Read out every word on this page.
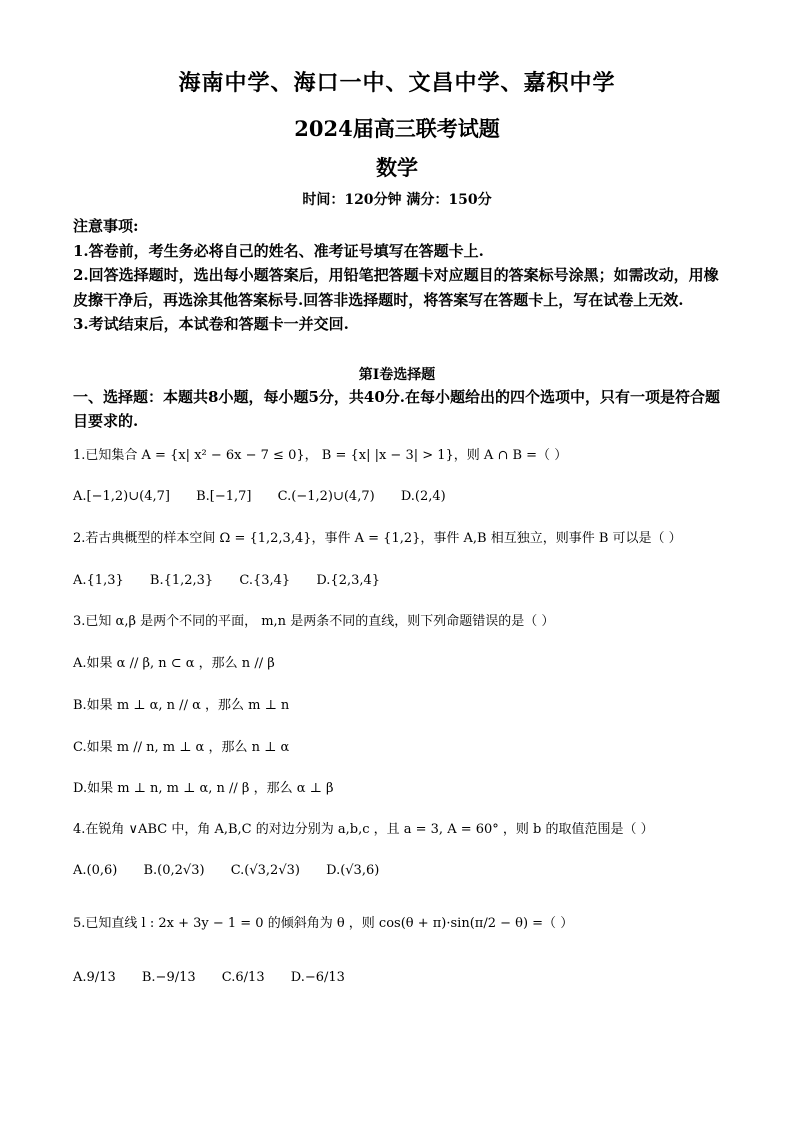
海南中学、海口一中、文昌中学、嘉积中学
2024届高三联考试题
数学
时间：120分钟 满分：150分

注意事项:

1.答卷前，考生务必将自己的姓名、准考证号填写在答题卡上.

2.回答选择题时，选出每小题答案后，用铅笔把答题卡对应题目的答案标号涂黑；如需改动，用橡皮擦干净后，再选涂其他答案标号.回答非选择题时，将答案写在答题卡上，写在试卷上无效.

3.考试结束后，本试卷和答题卡一并交回.

第I卷选择题
一、选择题：本题共8小题，每小题5分，共40分.在每小题给出的四个选项中，只有一项是符合题目要求的.
1.已知集合 A = {x| x² − 6x − 7 ≤ 0}， B = {x| |x − 3| > 1}，则 A ∩ B =（ ）
A.[−1,2)∪(4,7] B.[−1,7] C.(−1,2)∪(4,7) D.(2,4)
2.若古典概型的样本空间 Ω = {1,2,3,4}，事件 A = {1,2}，事件 A,B 相互独立，则事件 B 可以是（ ）
A.{1,3} B.{1,2,3} C.{3,4} D.{2,3,4}
3.已知 α,β 是两个不同的平面， m,n 是两条不同的直线，则下列命题错误的是（ ）
A.如果 α // β, n ⊂ α ，那么 n // β
B.如果 m ⊥ α, n // α ，那么 m ⊥ n
C.如果 m // n, m ⊥ α ，那么 n ⊥ α
D.如果 m ⊥ n, m ⊥ α, n // β ，那么 α ⊥ β
4.在锐角 ∨ABC 中，角 A,B,C 的对边分别为 a,b,c ，且 a = 3, A = 60° ，则 b 的取值范围是（ ）
A.(0,6) B.(0,2√3) C.(√3,2√3) D.(√3,6)
5.已知直线 l : 2x + 3y − 1 = 0 的倾斜角为 θ ，则 cos(θ + π)·sin(π/2 − θ) =（ ）
A.9/13 B.−9/13 C.6/13 D.−6/13
